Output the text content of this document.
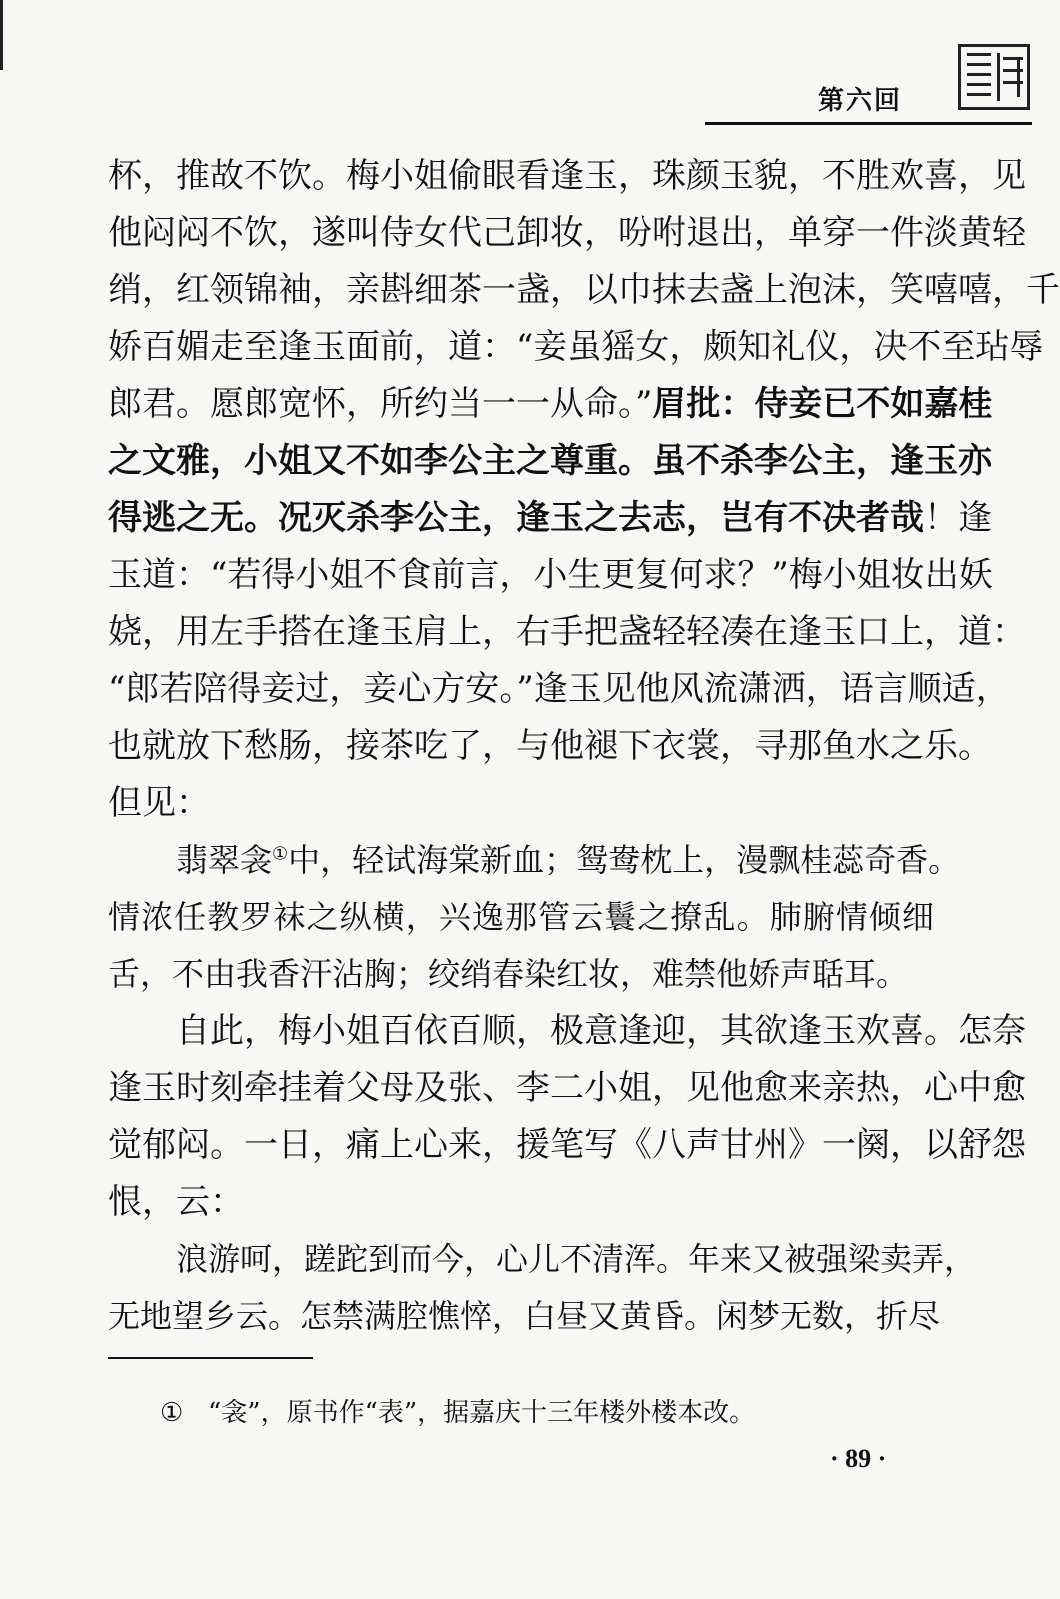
第六回
杯，推故不饮。梅小姐偷眼看逢玉，珠颜玉貌，不胜欢喜，见
他闷闷不饮，遂叫侍女代己卸妆，吩咐退出，单穿一件淡黄轻
绡，红领锦袖，亲斟细茶一盏，以巾抹去盏上泡沫，笑嘻嘻，千
娇百媚走至逢玉面前，道：“妾虽猺女，颇知礼仪，决不至玷辱
郎君。愿郎宽怀，所约当一一从命。”眉批：侍妾已不如嘉桂
之文雅，小姐又不如李公主之尊重。虽不杀李公主，逢玉亦
得逃之无。况灭杀李公主，逢玉之去志，岂有不决者哉！逢
玉道：“若得小姐不食前言，小生更复何求？”梅小姐妆出妖
娆，用左手搭在逢玉肩上，右手把盏轻轻凑在逢玉口上，道：
“郎若陪得妾过，妾心方安。”逢玉见他风流潇洒，语言顺适，
也就放下愁肠，接茶吃了，与他褪下衣裳，寻那鱼水之乐。
但见：
翡翠衾①中，轻试海棠新血；鸳鸯枕上，漫飘桂蕊奇香。
情浓任教罗袜之纵横，兴逸那管云鬟之撩乱。肺腑情倾细
舌，不由我香汗沾胸；绞绡春染红妆，难禁他娇声聒耳。
自此，梅小姐百依百顺，极意逢迎，其欲逢玉欢喜。怎奈
逢玉时刻牵挂着父母及张、李二小姐，见他愈来亲热，心中愈
觉郁闷。一日，痛上心来，援笔写《八声甘州》一阕，以舒怨
恨，云：
浪游呵，蹉跎到而今，心儿不清浑。年来又被强梁卖弄，
无地望乡云。怎禁满腔憔悴，白昼又黄昏。闲梦无数，折尽
① “衾”，原书作“表”，据嘉庆十三年楼外楼本改。
· 89 ·
